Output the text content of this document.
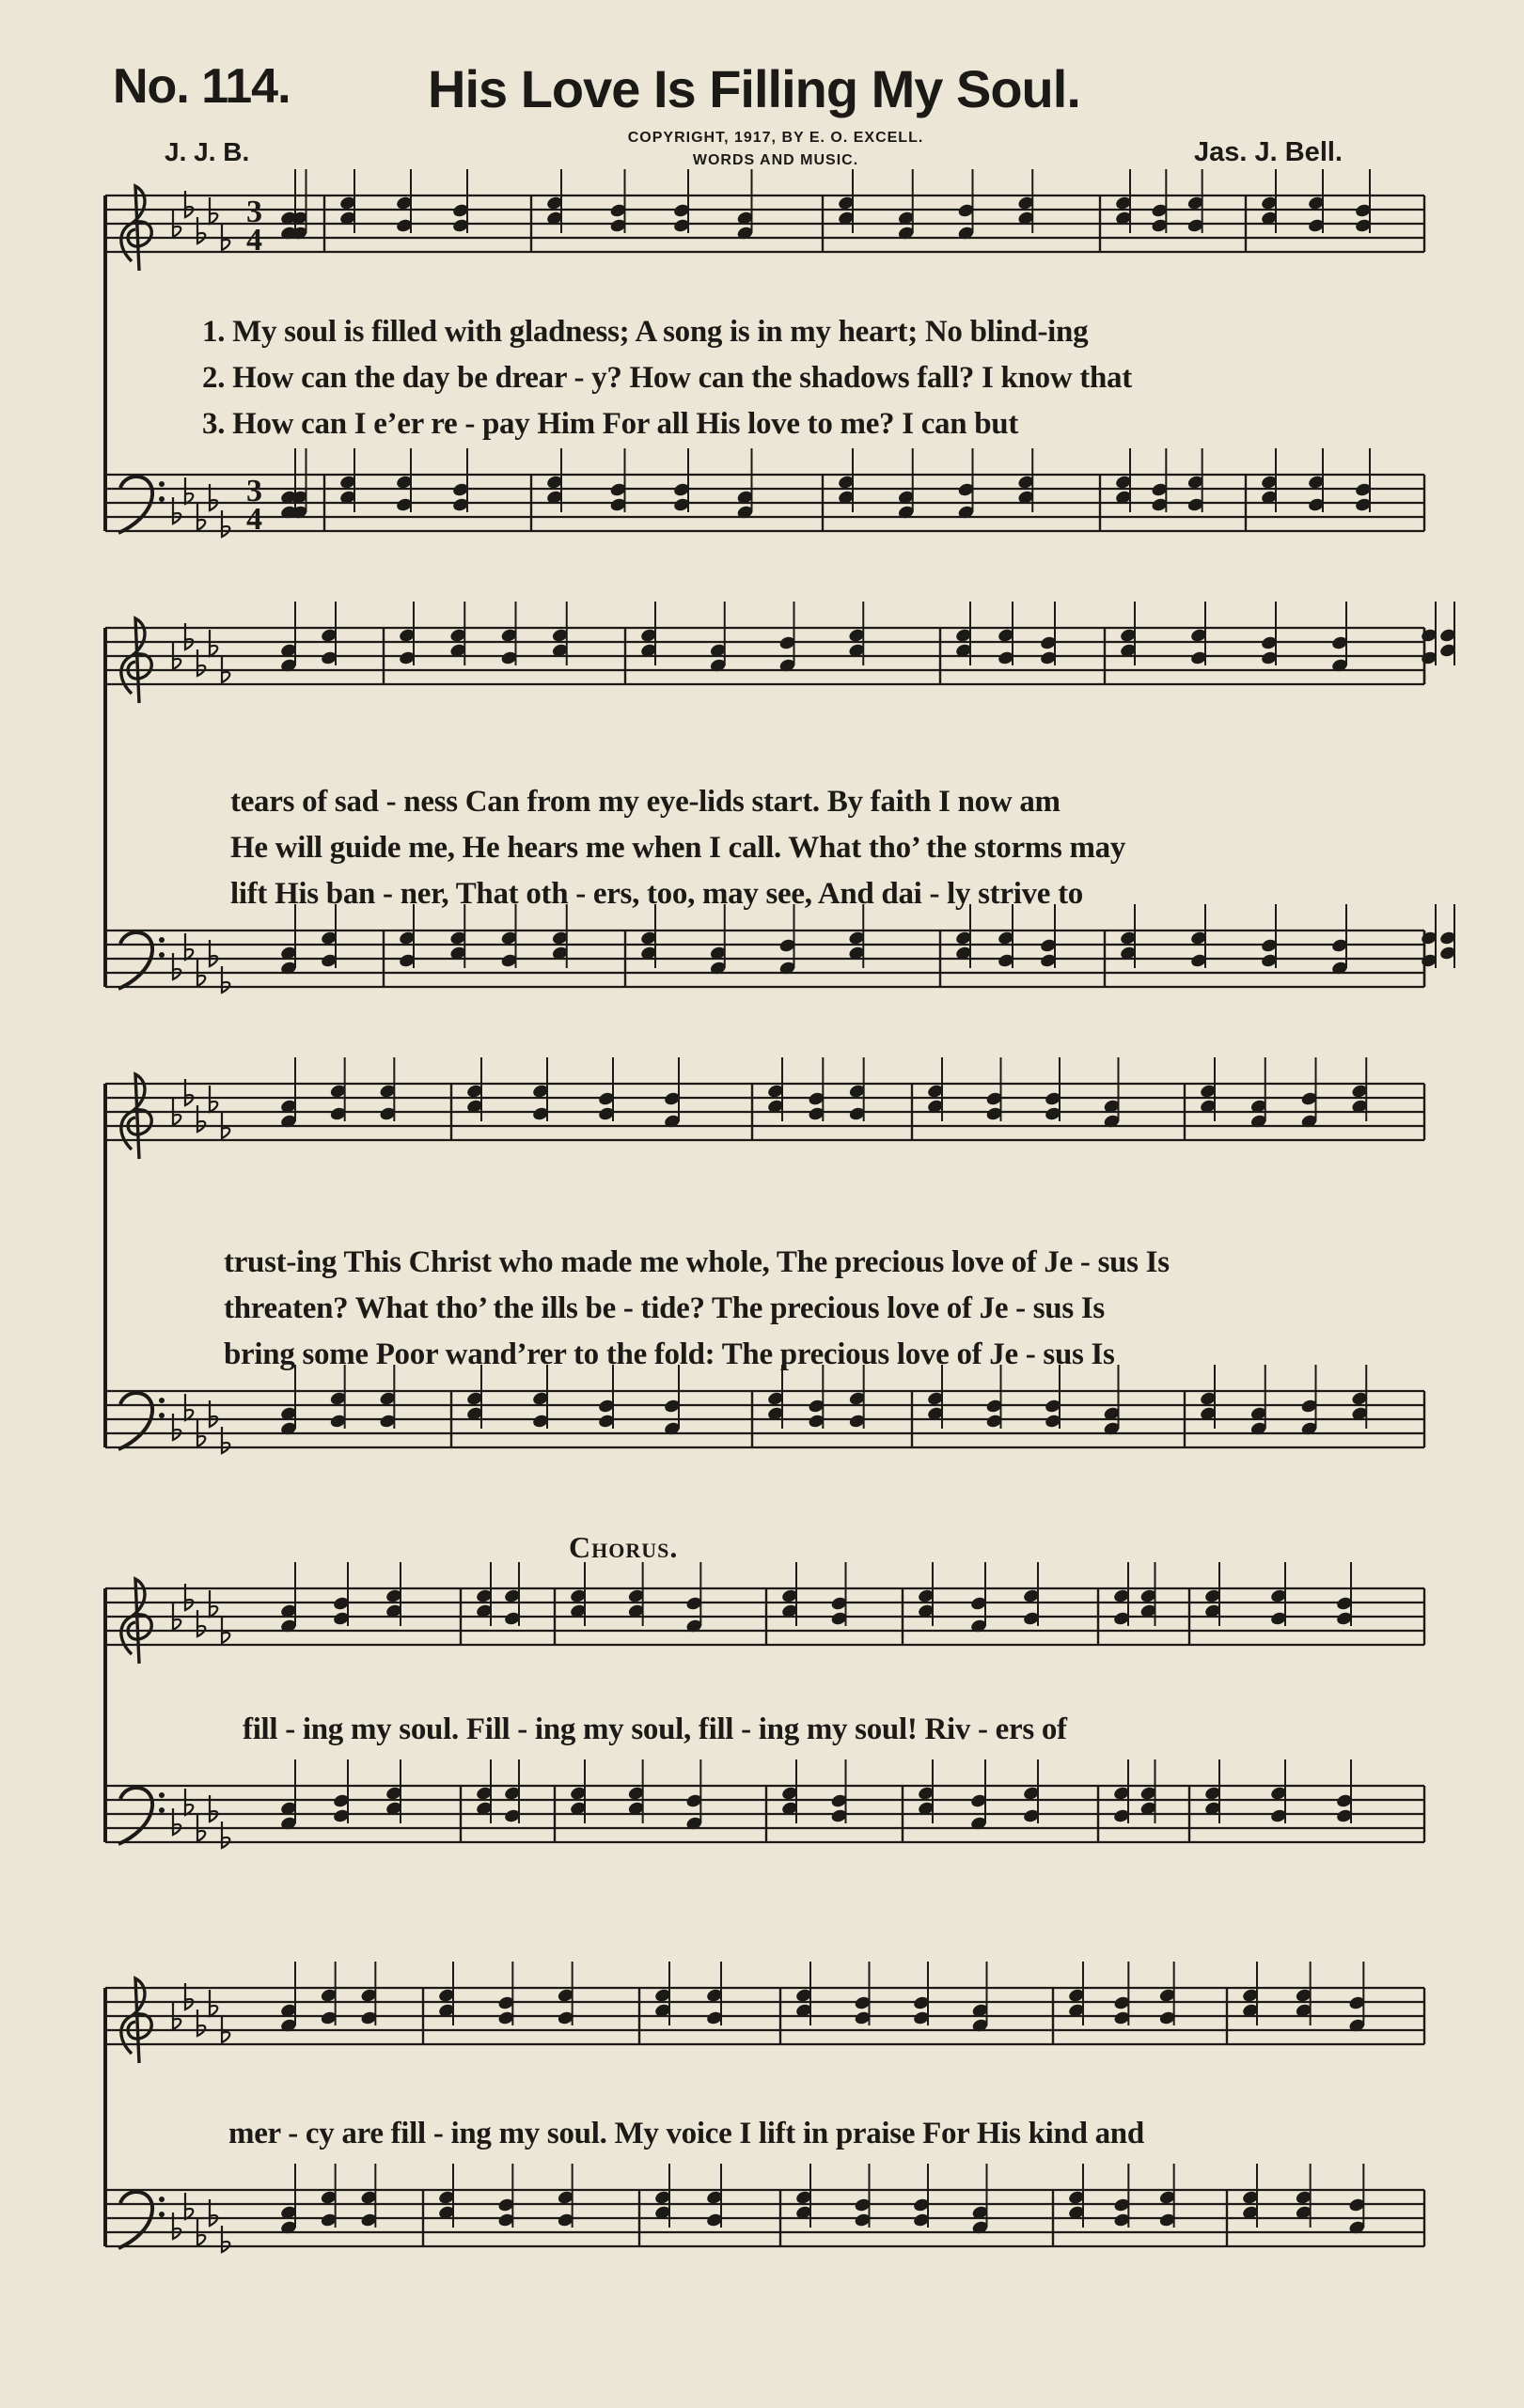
No. 114.	His Love Is Filling My Soul.
J. J. B.	COPYRIGHT, 1917, BY E. O. EXCELL.
WORDS AND MUSIC.	Jas. J. Bell.
1. My soul is filled with gladness; A song is in my heart; No blind-ing
2. How can the day be drear - y? How can the shadows fall? I know that
3. How can I e’er re - pay Him For all His love to me? I can but
tears of sad - ness Can from my eye-lids start. By faith I now am
He will guide me, He hears me when I call. What tho’ the storms may
lift His ban - ner, That oth - ers, too, may see, And dai - ly strive to
trust-ing This Christ who made me whole, The precious love of Je - sus Is
threaten? What tho’ the ills be - tide? The precious love of Je - sus Is
bring some Poor wand’rer to the fold: The precious love of Je - sus Is
Chorus.
fill - ing my soul. Fill - ing my soul, fill - ing my soul! Riv - ers of
mer - cy are fill - ing my soul. My voice I lift in praise For His kind and
3
4
3
4
